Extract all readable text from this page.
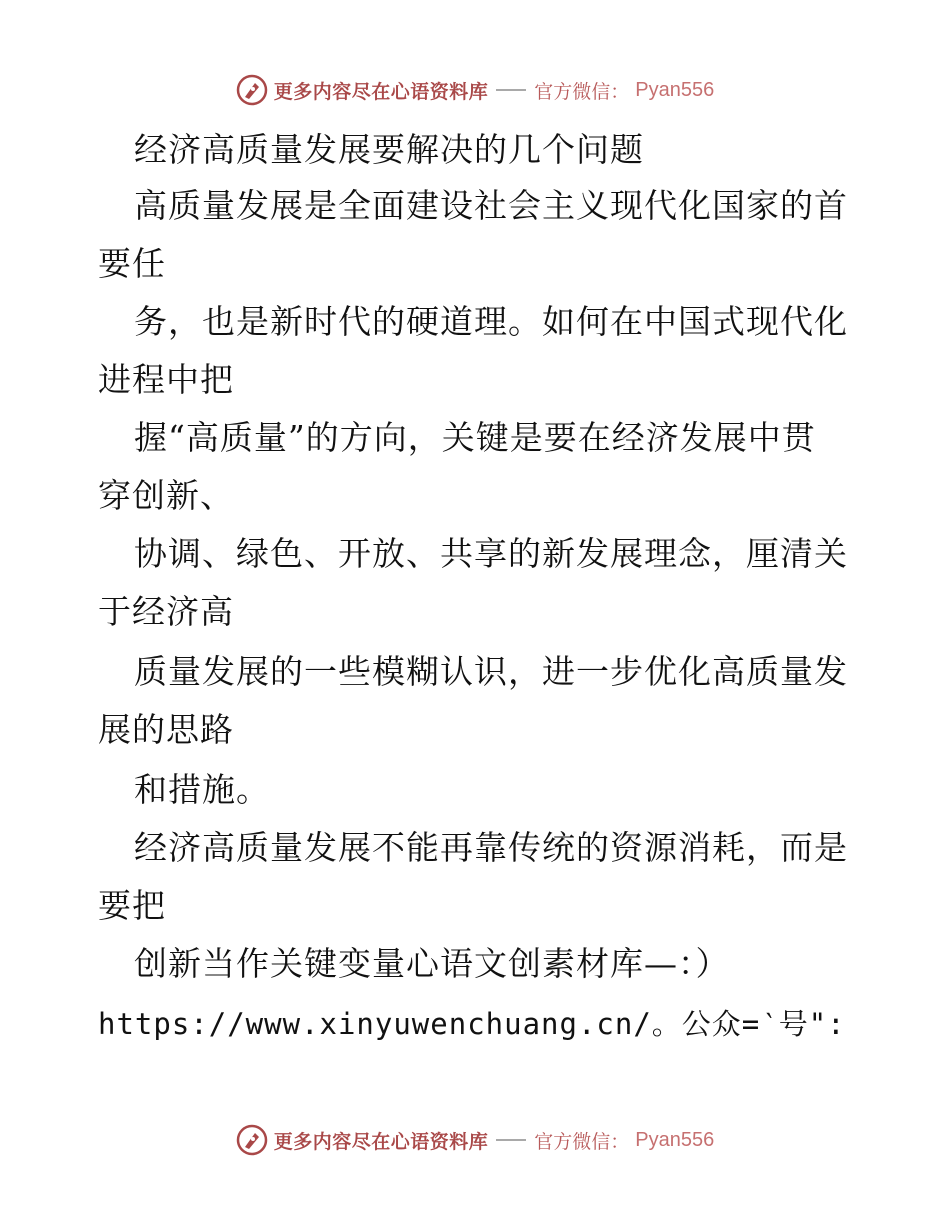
更多内容尽在心语资料库 官方微信： Pyan556
经济高质量发展要解决的几个问题
高质量发展是全面建设社会主义现代化国家的首
要任
务，也是新时代的硬道理。如何在中国式现代化
进程中把
握“高质量”的方向，关键是要在经济发展中贯
穿创新、
协调、绿色、开放、共享的新发展理念，厘清关
于经济高
质量发展的一些模糊认识，进一步优化高质量发
展的思路
和措施。
经济高质量发展不能再靠传统的资源消耗，而是
要把
创新当作关键变量心语文创素材库—：）
https://www.xinyuwenchuang.cn/。公众=‵号":
更多内容尽在心语资料库 官方微信： Pyan556
